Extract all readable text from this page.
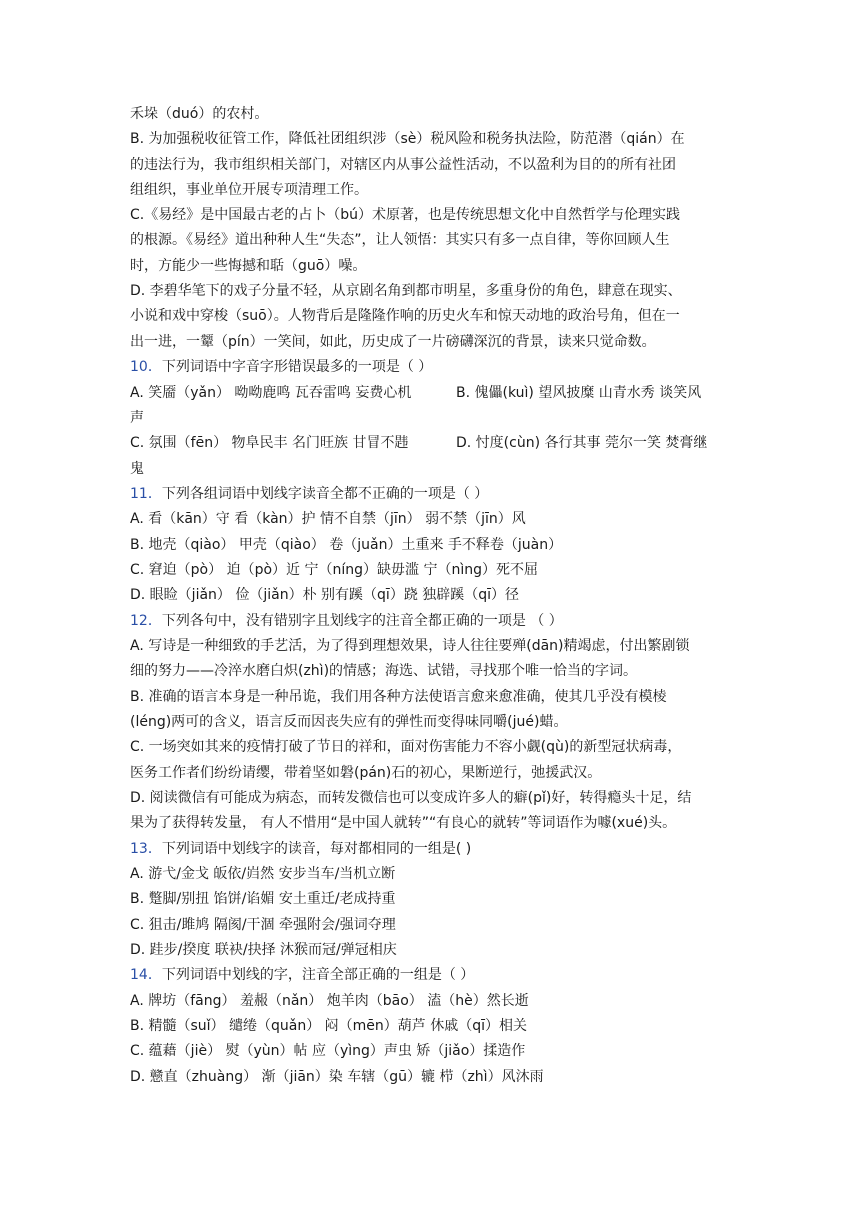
禾垛（duó）的农村。
B. 为加强税收征管工作，降低社团组织涉（sè）税风险和税务执法险，防范潜（qián）在
的违法行为，我市组织相关部门，对辖区内从事公益性活动，不以盈利为目的的所有社团
组组织，事业单位开展专项清理工作。
C.《易经》是中国最古老的占卜（bú）术原著，也是传统思想文化中自然哲学与伦理实践
的根源。《易经》道出种种人生“失态”，让人领悟：其实只有多一点自律，等你回顾人生
时，方能少一些悔撼和聒（guō）噪。
D. 李碧华笔下的戏子分量不轻，从京剧名角到都市明星，多重身份的角色，肆意在现实、
小说和戏中穿梭（suō）。人物背后是隆隆作响的历史火车和惊天动地的政治号角，但在一
出一进，一颦（pín）一笑间，如此，历史成了一片磅礴深沉的背景，读来只觉命数。
10．下列词语中字音字形错误最多的一项是（ ）
A. 笑靥（yǎn） 呦呦鹿鸣 瓦吞雷鸣 妄费心机	B. 傀儡(kuì) 望风披糜 山青水秀 谈笑风
声
C. 氛围（fēn） 物阜民丰 名门旺族 甘冒不韪	D. 忖度(cùn) 各行其事 莞尔一笑 焚膏继
鬼
11．下列各组词语中划线字读音全都不正确的一项是（ ）
A. 看（kān）守 看（kàn）护 情不自禁（jīn） 弱不禁（jīn）风
B. 地壳（qiào） 甲壳（qiào） 卷（juǎn）土重来 手不释卷（juàn）
C. 窘迫（pò） 迫（pò）近 宁（níng）缺毋滥 宁（nìng）死不屈
D. 眼睑（jiǎn） 俭（jiǎn）朴 别有蹊（qī）跷 独辟蹊（qī）径
12．下列各句中，没有错别字且划线字的注音全都正确的一项是 （ ）
A. 写诗是一种细致的手艺活，为了得到理想效果，诗人往往要殚(dān)精竭虑，付出繁剧锁
细的努力——冷淬水磨白炽(zhì)的情感；海选、试错，寻找那个唯一恰当的字词。
B. 准确的语言本身是一种吊诡，我们用各种方法使语言愈来愈准确，使其几乎没有模棱
(léng)两可的含义，语言反而因丧失应有的弹性而变得味同嚼(jué)蜡。
C. 一场突如其来的疫情打破了节日的祥和，面对伤害能力不容小觑(qù)的新型冠状病毒，
医务工作者们纷纷请缨，带着坚如磐(pán)石的初心，果断逆行，弛援武汉。
D. 阅读微信有可能成为病态，而转发微信也可以变成许多人的癖(pǐ)好，转得瘾头十足，结
果为了获得转发量， 有人不惜用“是中国人就转”“有良心的就转”等词语作为噱(xué)头。
13．下列词语中划线字的读音，每对都相同的一组是( )
A. 游弋/金戈 皈依/岿然 安步当车/当机立断
B. 蹩脚/别扭 馅饼/谄媚 安土重迁/老成持重
C. 狙击/雎鸠 隔阂/干涸 牵强附会/强词夺理
D. 跬步/揆度 联袂/抉择 沐猴而冠/弹冠相庆
14．下列词语中划线的字，注音全部正确的一组是（ ）
A. 牌坊（fāng） 羞赧（nǎn） 炮羊肉（bāo） 溘（hè）然长逝
B. 精髓（suǐ） 缱绻（quǎn） 闷（mēn）葫芦 休戚（qī）相关
C. 蕴藉（jiè） 熨（yùn）帖 应（yìng）声虫 矫（jiǎo）揉造作
D. 戆直（zhuàng） 渐（jiān）染 车辖（gū）辘 栉（zhì）风沐雨
